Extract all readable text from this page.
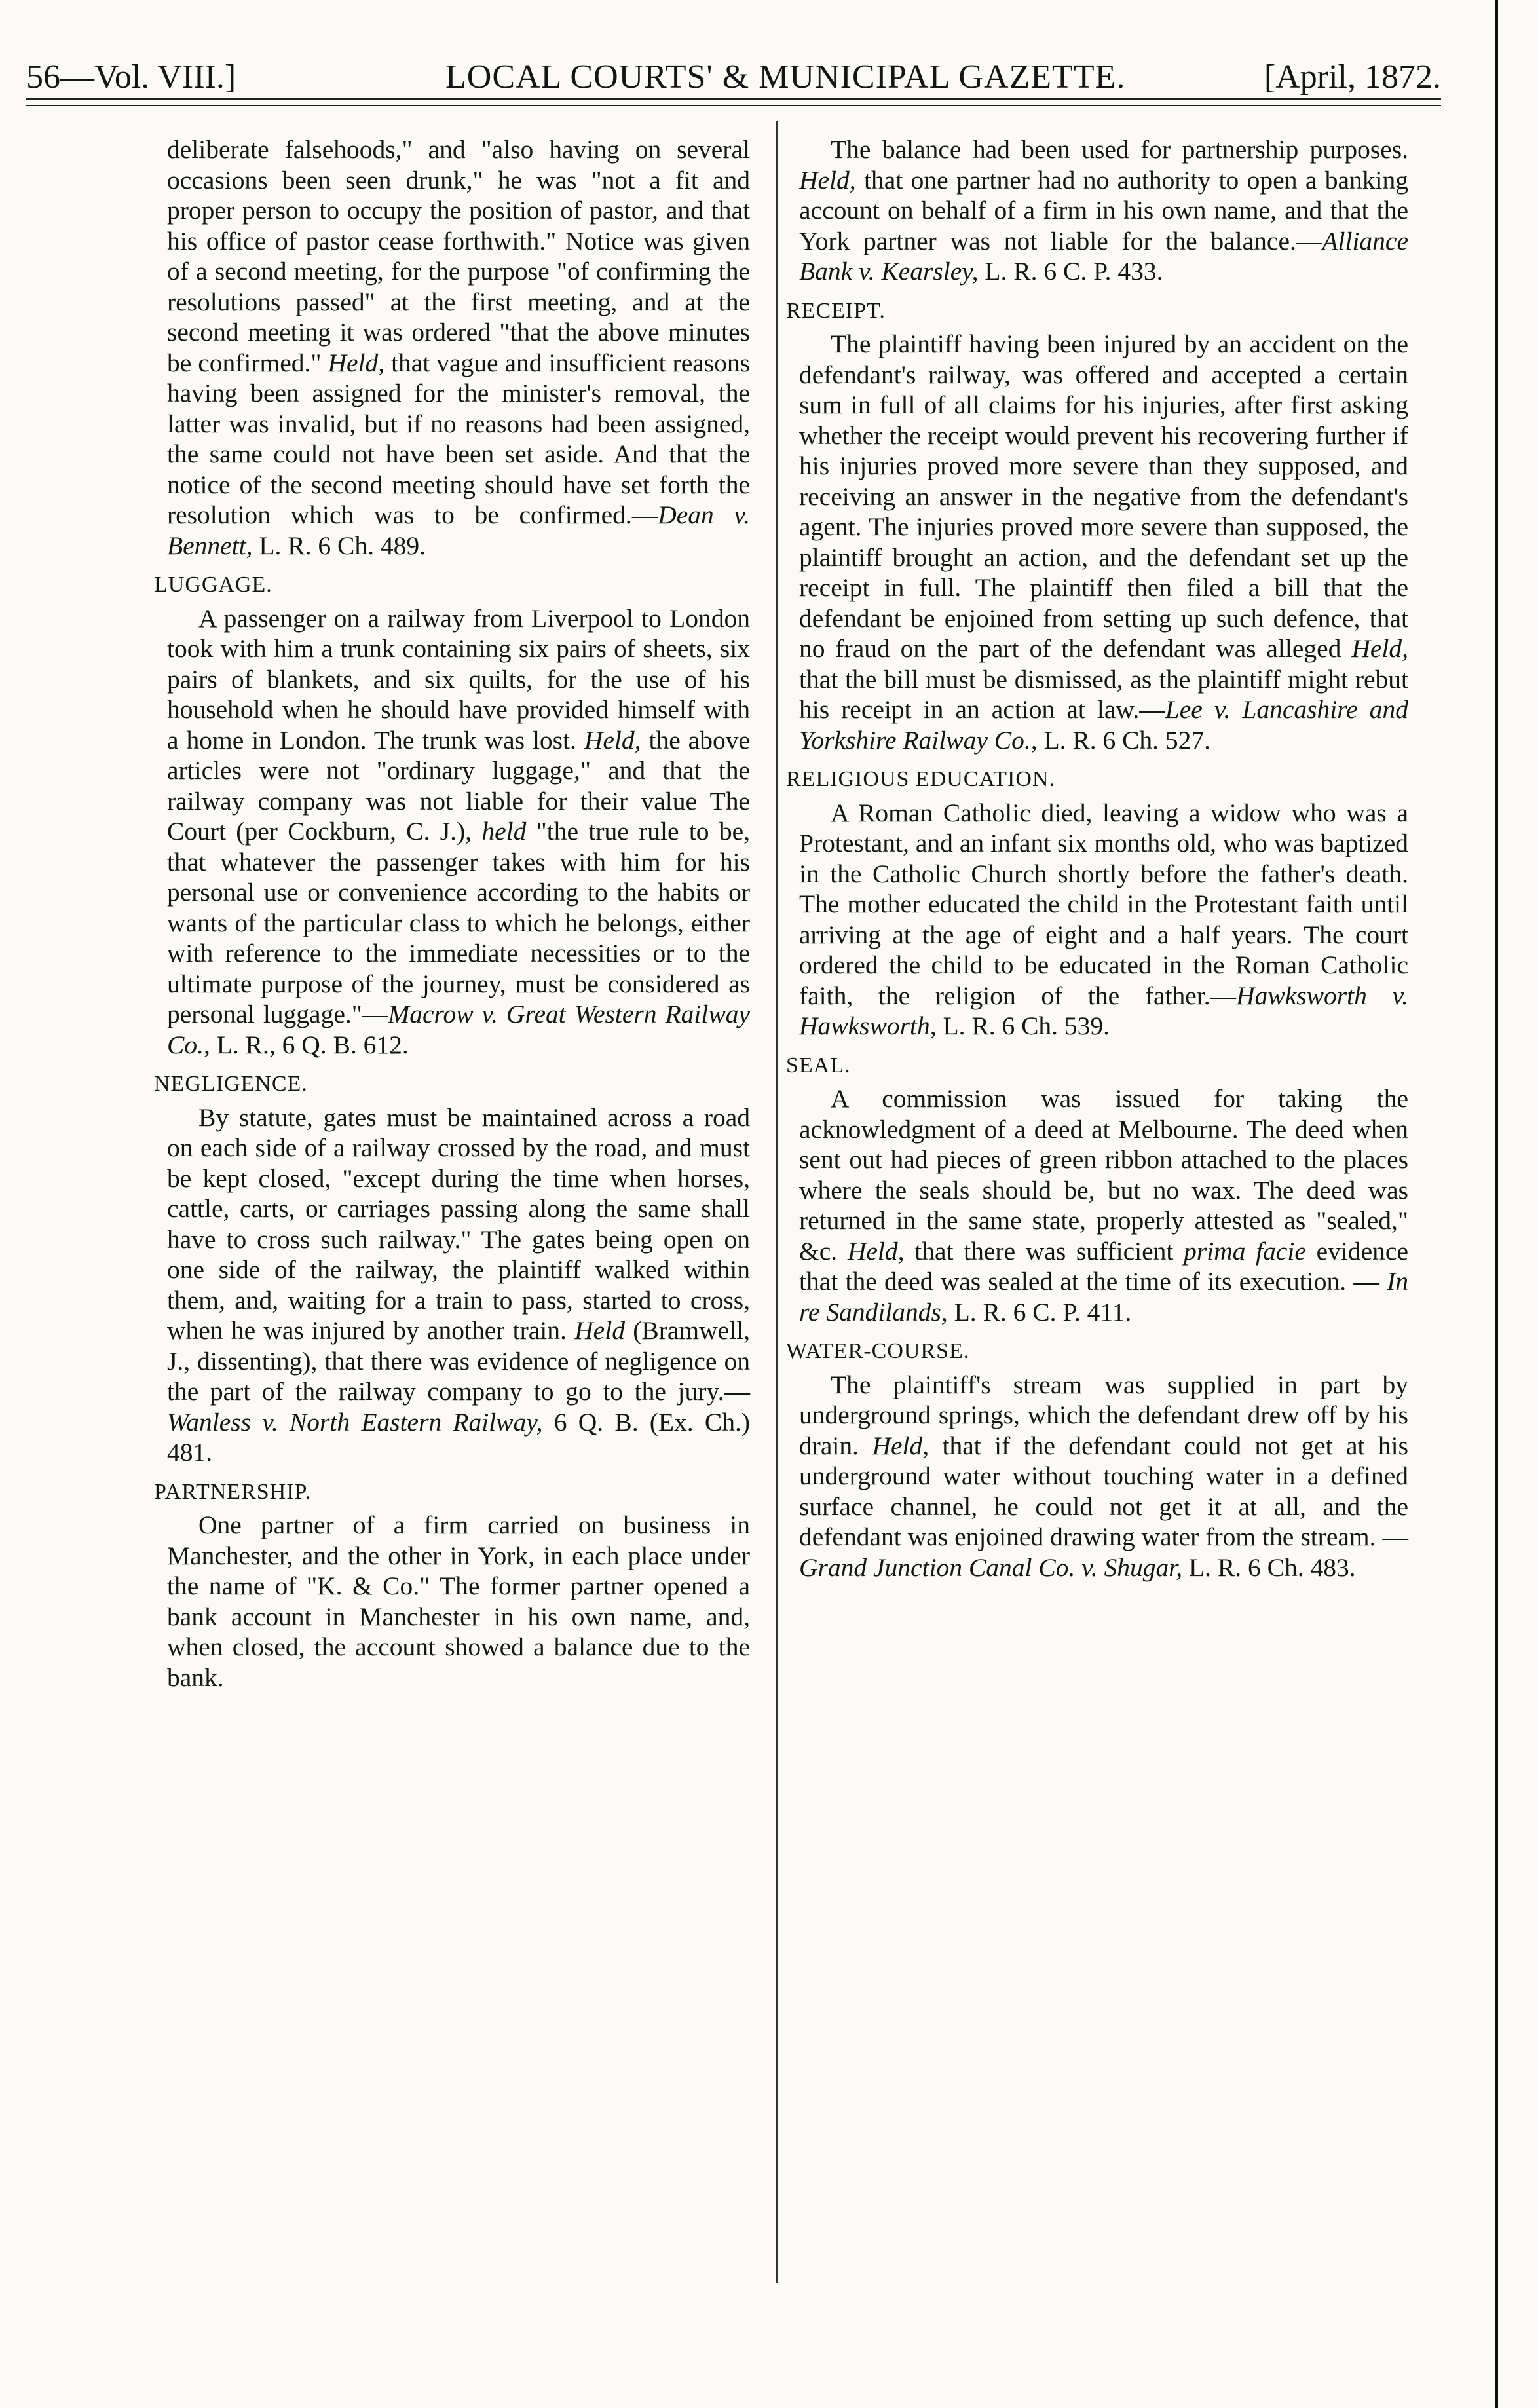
56—Vol. VIII.]	LOCAL COURTS' & MUNICIPAL GAZETTE.	[April, 1872.

deliberate falsehoods," and "also having on several occasions been seen drunk," he was "not a fit and proper person to occupy the position of pastor, and that his office of pastor cease forthwith." Notice was given of a second meeting, for the purpose "of confirming the resolutions passed" at the first meeting, and at the second meeting it was ordered "that the above minutes be confirmed." Held, that vague and insufficient reasons having been assigned for the minister's removal, the latter was invalid, but if no reasons had been assigned, the same could not have been set aside. And that the notice of the second meeting should have set forth the resolution which was to be confirmed.—Dean v. Bennett, L. R. 6 Ch. 489.

LUGGAGE.

A passenger on a railway from Liverpool to London took with him a trunk containing six pairs of sheets, six pairs of blankets, and six quilts, for the use of his household when he should have provided himself with a home in London. The trunk was lost. Held, the above articles were not "ordinary luggage," and that the railway company was not liable for their value The Court (per Cockburn, C. J.), held "the true rule to be, that whatever the passenger takes with him for his personal use or convenience according to the habits or wants of the particular class to which he belongs, either with reference to the immediate necessities or to the ultimate purpose of the journey, must be considered as personal luggage."—Macrow v. Great Western Railway Co., L. R., 6 Q. B. 612.

NEGLIGENCE.

By statute, gates must be maintained across a road on each side of a railway crossed by the road, and must be kept closed, "except during the time when horses, cattle, carts, or carriages passing along the same shall have to cross such railway." The gates being open on one side of the railway, the plaintiff walked within them, and, waiting for a train to pass, started to cross, when he was injured by another train. Held (Bramwell, J., dissenting), that there was evidence of negligence on the part of the railway company to go to the jury.—Wanless v. North Eastern Railway, 6 Q. B. (Ex. Ch.) 481.

PARTNERSHIP.

One partner of a firm carried on business in Manchester, and the other in York, in each place under the name of "K. & Co." The former partner opened a bank account in Manchester in his own name, and, when closed, the account showed a balance due to the bank.

The balance had been used for partnership purposes. Held, that one partner had no authority to open a banking account on behalf of a firm in his own name, and that the York partner was not liable for the balance.—Alliance Bank v. Kearsley, L. R. 6 C. P. 433.

RECEIPT.

The plaintiff having been injured by an accident on the defendant's railway, was offered and accepted a certain sum in full of all claims for his injuries, after first asking whether the receipt would prevent his recovering further if his injuries proved more severe than they supposed, and receiving an answer in the negative from the defendant's agent. The injuries proved more severe than supposed, the plaintiff brought an action, and the defendant set up the receipt in full. The plaintiff then filed a bill that the defendant be enjoined from setting up such defence, that no fraud on the part of the defendant was alleged Held, that the bill must be dismissed, as the plaintiff might rebut his receipt in an action at law.—Lee v. Lancashire and Yorkshire Railway Co., L. R. 6 Ch. 527.

RELIGIOUS EDUCATION.

A Roman Catholic died, leaving a widow who was a Protestant, and an infant six months old, who was baptized in the Catholic Church shortly before the father's death. The mother educated the child in the Protestant faith until arriving at the age of eight and a half years. The court ordered the child to be educated in the Roman Catholic faith, the religion of the father.—Hawksworth v. Hawksworth, L. R. 6 Ch. 539.

SEAL.

A commission was issued for taking the acknowledgment of a deed at Melbourne. The deed when sent out had pieces of green ribbon attached to the places where the seals should be, but no wax. The deed was returned in the same state, properly attested as "sealed," &c. Held, that there was sufficient prima facie evidence that the deed was sealed at the time of its execution. — In re Sandilands, L. R. 6 C. P. 411.

WATER-COURSE.

The plaintiff's stream was supplied in part by underground springs, which the defendant drew off by his drain. Held, that if the defendant could not get at his underground water without touching water in a defined surface channel, he could not get it at all, and the defendant was enjoined drawing water from the stream. — Grand Junction Canal Co. v. Shugar, L. R. 6 Ch. 483.
